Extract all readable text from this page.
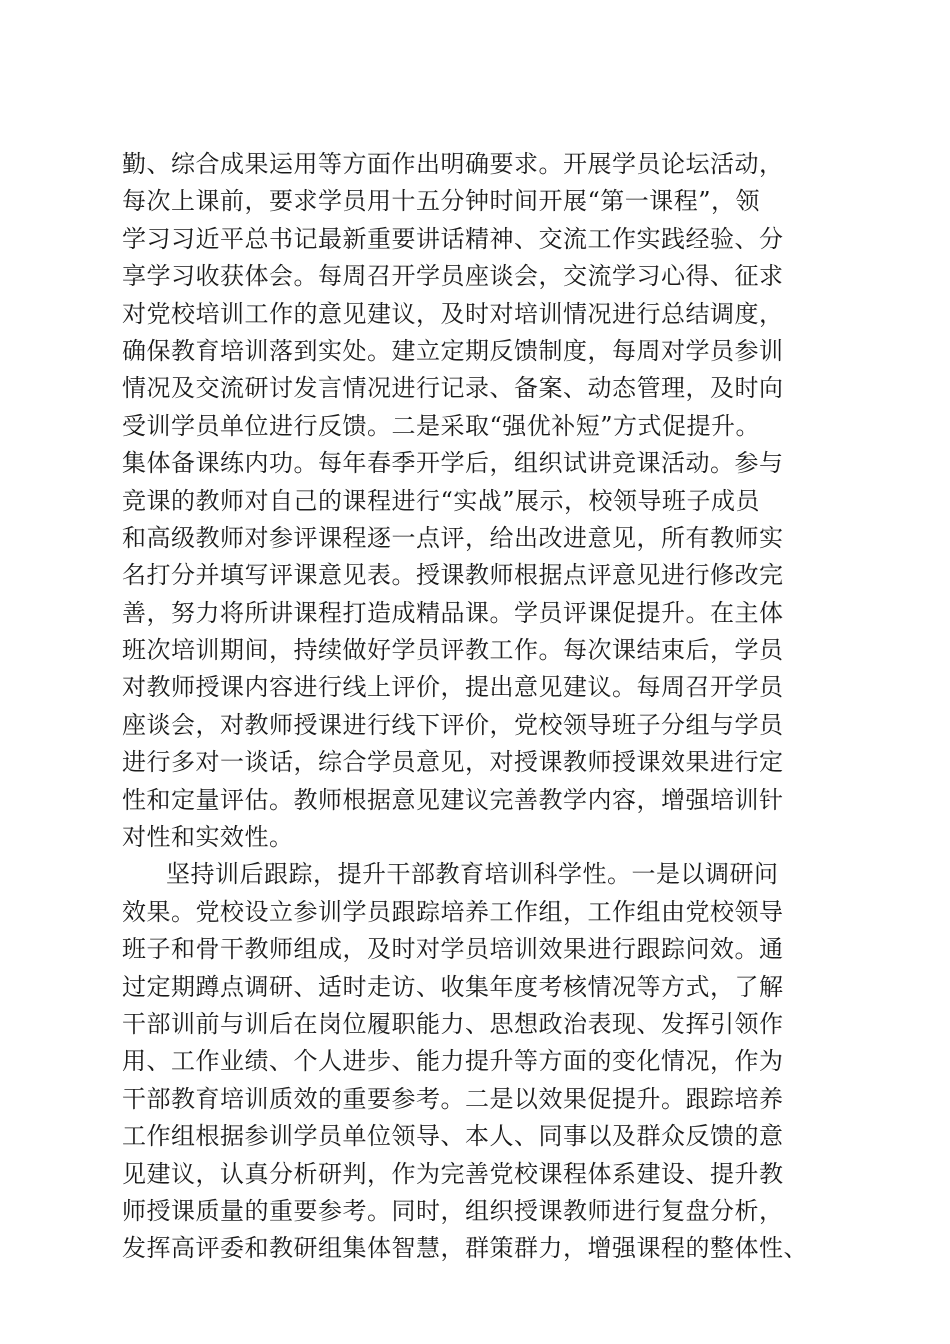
勤、综合成果运用等方面作出明确要求。开展学员论坛活动，
每次上课前，要求学员用十五分钟时间开展“第一课程”，领
学习习近平总书记最新重要讲话精神、交流工作实践经验、分
享学习收获体会。每周召开学员座谈会，交流学习心得、征求
对党校培训工作的意见建议，及时对培训情况进行总结调度，
确保教育培训落到实处。建立定期反馈制度，每周对学员参训
情况及交流研讨发言情况进行记录、备案、动态管理，及时向
受训学员单位进行反馈。二是采取“强优补短”方式促提升。
集体备课练内功。每年春季开学后，组织试讲竞课活动。参与
竞课的教师对自己的课程进行“实战”展示，校领导班子成员
和高级教师对参评课程逐一点评，给出改进意见，所有教师实
名打分并填写评课意见表。授课教师根据点评意见进行修改完
善，努力将所讲课程打造成精品课。学员评课促提升。在主体
班次培训期间，持续做好学员评教工作。每次课结束后，学员
对教师授课内容进行线上评价，提出意见建议。每周召开学员
座谈会，对教师授课进行线下评价，党校领导班子分组与学员
进行多对一谈话，综合学员意见，对授课教师授课效果进行定
性和定量评估。教师根据意见建议完善教学内容，增强培训针
对性和实效性。
坚持训后跟踪，提升干部教育培训科学性。一是以调研问
效果。党校设立参训学员跟踪培养工作组，工作组由党校领导
班子和骨干教师组成，及时对学员培训效果进行跟踪问效。通
过定期蹲点调研、适时走访、收集年度考核情况等方式，了解
干部训前与训后在岗位履职能力、思想政治表现、发挥引领作
用、工作业绩、个人进步、能力提升等方面的变化情况，作为
干部教育培训质效的重要参考。二是以效果促提升。跟踪培养
工作组根据参训学员单位领导、本人、同事以及群众反馈的意
见建议，认真分析研判，作为完善党校课程体系建设、提升教
师授课质量的重要参考。同时，组织授课教师进行复盘分析，
发挥高评委和教研组集体智慧，群策群力，增强课程的整体性、
